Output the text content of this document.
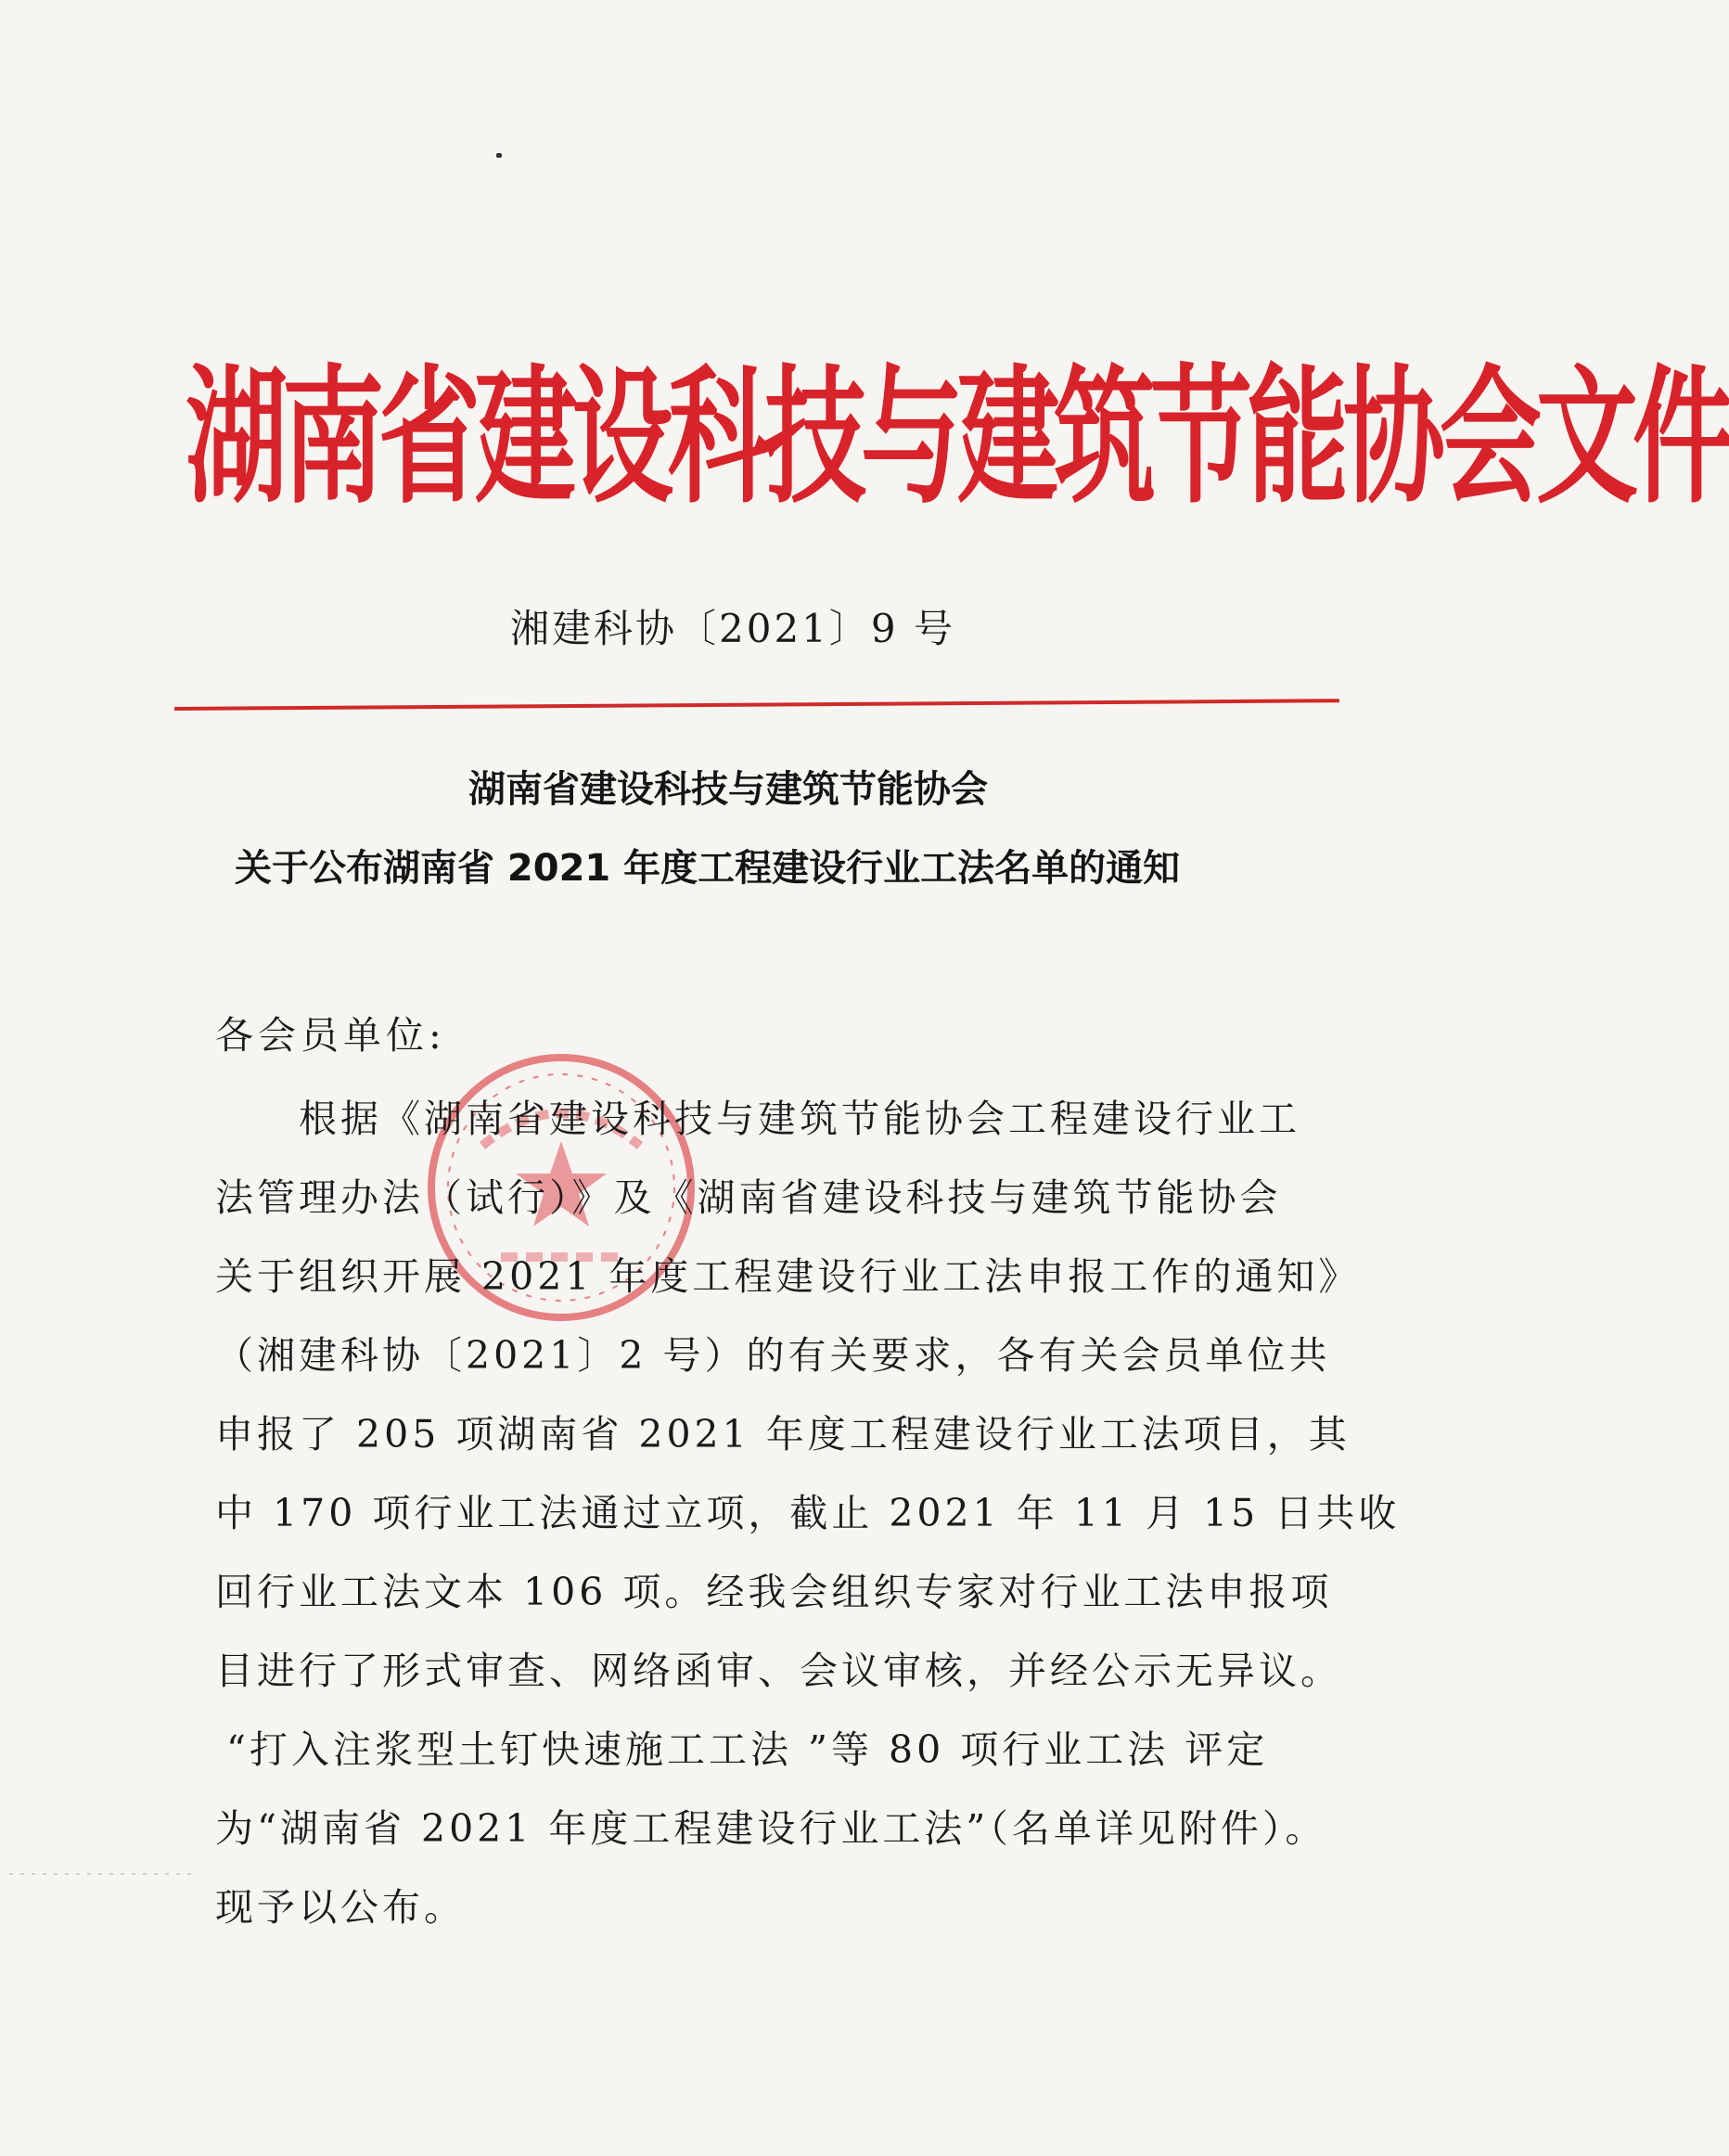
湖南省建设科技与建筑节能协会文件
湘建科协〔2021〕9 号
湖南省建设科技与建筑节能协会
关于公布湖南省 2021 年度工程建设行业工法名单的通知
各会员单位:
根据《湖南省建设科技与建筑节能协会工程建设行业工
法管理办法（试行）》及《湖南省建设科技与建筑节能协会
关于组织开展 2021 年度工程建设行业工法申报工作的通知》
（湘建科协〔2021〕2 号）的有关要求，各有关会员单位共
申报了 205 项湖南省 2021 年度工程建设行业工法项目，其
中 170 项行业工法通过立项，截止 2021 年 11 月 15 日共收
回行业工法文本 106 项。经我会组织专家对行业工法申报项
目进行了形式审查、网络函审、会议审核，并经公示无异议。
“打入注浆型土钉快速施工工法 ”等 80 项行业工法 评定
为“湖南省 2021 年度工程建设行业工法”（名单详见附件）。
现予以公布。
